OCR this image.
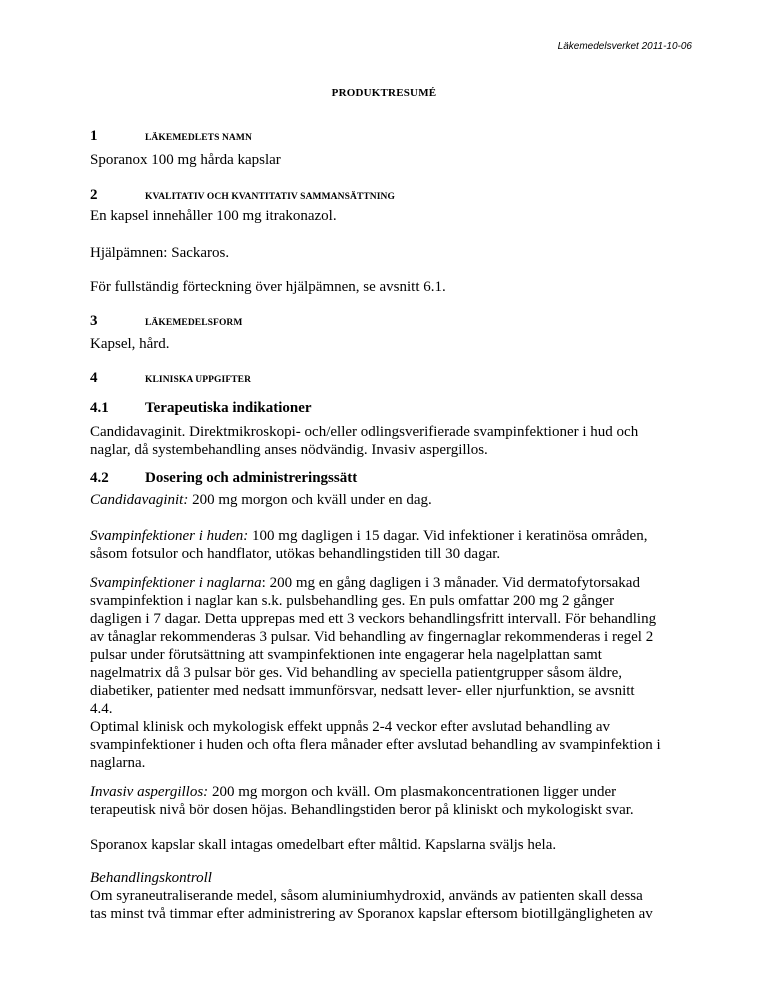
Läkemedelsverket 2011-10-06
PRODUKTRESUMÉ
1	LÄKEMEDLETS NAMN

Sporanox 100 mg hårda kapslar

2	KVALITATIV OCH KVANTITATIV SAMMANSÄTTNING

En kapsel innehåller 100 mg itrakonazol.

Hjälpämnen: Sackaros.

För fullständig förteckning över hjälpämnen, se avsnitt 6.1.

3	LÄKEMEDELSFORM

Kapsel, hård.

4	KLINISKA UPPGIFTER
4.1 Terapeutiska indikationer

Candidavaginit. Direktmikroskopi- och/eller odlingsverifierade svampinfektioner i hud och

naglar, då systembehandling anses nödvändig. Invasiv aspergillos.

4.2 Dosering och administreringssätt

Candidavaginit: 200 mg morgon och kväll under en dag.

Svampinfektioner i huden: 100 mg dagligen i 15 dagar. Vid infektioner i keratinösa områden,

såsom fotsulor och handflator, utökas behandlingstiden till 30 dagar.

Svampinfektioner i naglarna: 200 mg en gång dagligen i 3 månader. Vid dermatofytorsakad

svampinfektion i naglar kan s.k. pulsbehandling ges. En puls omfattar 200 mg 2 gånger

dagligen i 7 dagar. Detta upprepas med ett 3 veckors behandlingsfritt intervall. För behandling

av tånaglar rekommenderas 3 pulsar. Vid behandling av fingernaglar rekommenderas i regel 2

pulsar under förutsättning att svampinfektionen inte engagerar hela nagelplattan samt

nagelmatrix då 3 pulsar bör ges. Vid behandling av speciella patientgrupper såsom äldre,

diabetiker, patienter med nedsatt immunförsvar, nedsatt lever- eller njurfunktion, se avsnitt

4.4.

Optimal klinisk och mykologisk effekt uppnås 2-4 veckor efter avslutad behandling av

svampinfektioner i huden och ofta flera månader efter avslutad behandling av svampinfektion i

naglarna.

Invasiv aspergillos: 200 mg morgon och kväll. Om plasmakoncentrationen ligger under

terapeutisk nivå bör dosen höjas. Behandlingstiden beror på kliniskt och mykologiskt svar.

Sporanox kapslar skall intagas omedelbart efter måltid. Kapslarna sväljs hela.

Behandlingskontroll

Om syraneutraliserande medel, såsom aluminiumhydroxid, används av patienten skall dessa

tas minst två timmar efter administrering av Sporanox kapslar eftersom biotillgängligheten av
